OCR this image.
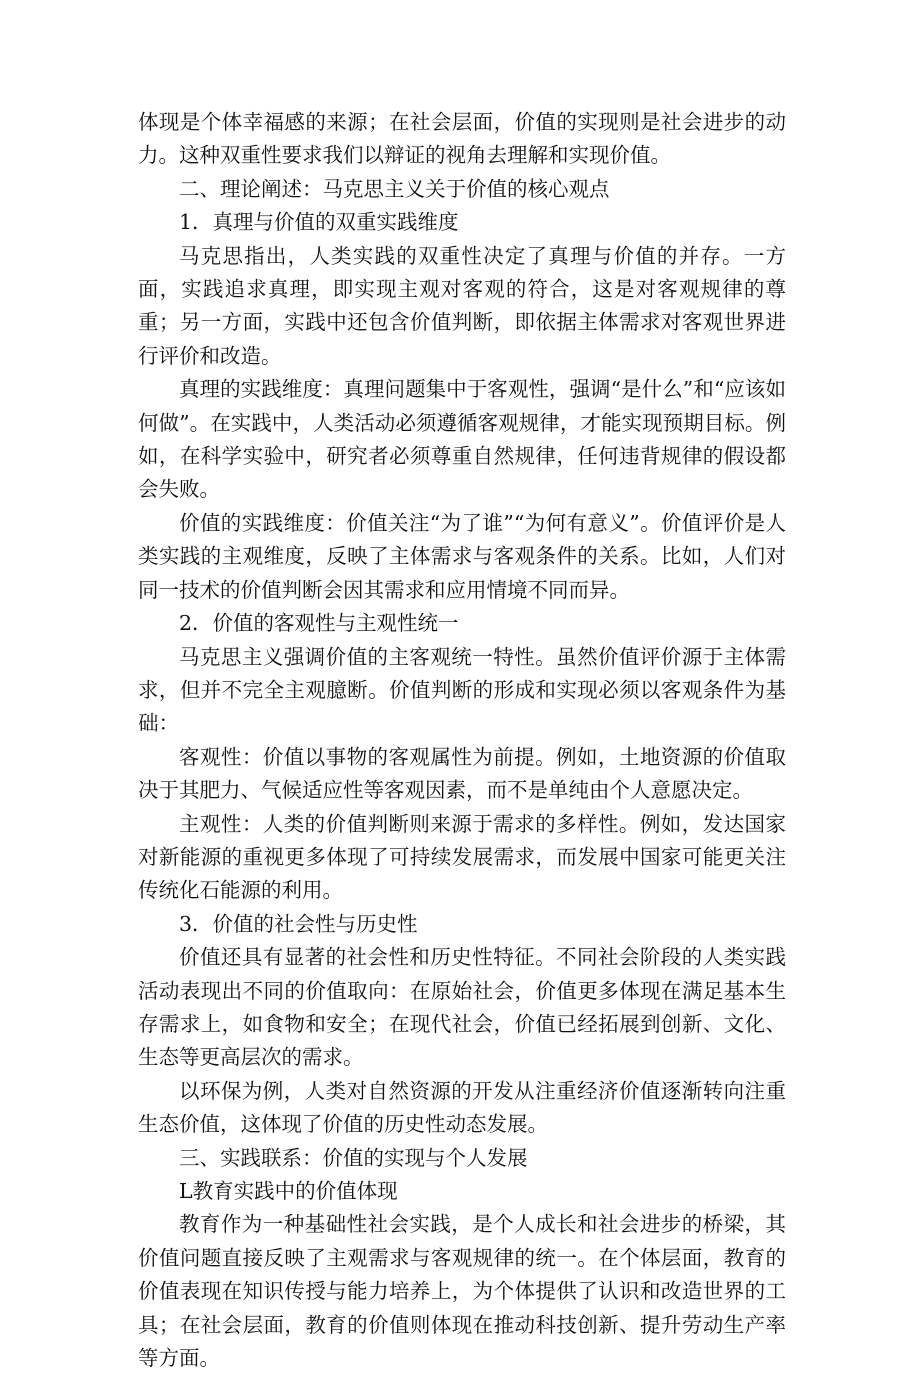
体现是个体幸福感的来源；在社会层面，价值的实现则是社会进步的动力。这种双重性要求我们以辩证的视角去理解和实现价值。

二、理论阐述：马克思主义关于价值的核心观点

1．真理与价值的双重实践维度

马克思指出，人类实践的双重性决定了真理与价值的并存。一方面，实践追求真理，即实现主观对客观的符合，这是对客观规律的尊重；另一方面，实践中还包含价值判断，即依据主体需求对客观世界进行评价和改造。

真理的实践维度：真理问题集中于客观性，强调“是什么”和“应该如何做”。在实践中，人类活动必须遵循客观规律，才能实现预期目标。例如，在科学实验中，研究者必须尊重自然规律，任何违背规律的假设都会失败。

价值的实践维度：价值关注“为了谁”“为何有意义”。价值评价是人类实践的主观维度，反映了主体需求与客观条件的关系。比如，人们对同一技术的价值判断会因其需求和应用情境不同而异。

2．价值的客观性与主观性统一

马克思主义强调价值的主客观统一特性。虽然价值评价源于主体需求，但并不完全主观臆断。价值判断的形成和实现必须以客观条件为基础：

客观性：价值以事物的客观属性为前提。例如，土地资源的价值取决于其肥力、气候适应性等客观因素，而不是单纯由个人意愿决定。

主观性：人类的价值判断则来源于需求的多样性。例如，发达国家对新能源的重视更多体现了可持续发展需求，而发展中国家可能更关注传统化石能源的利用。

3．价值的社会性与历史性

价值还具有显著的社会性和历史性特征。不同社会阶段的人类实践活动表现出不同的价值取向：在原始社会，价值更多体现在满足基本生存需求上，如食物和安全；在现代社会，价值已经拓展到创新、文化、生态等更高层次的需求。

以环保为例，人类对自然资源的开发从注重经济价值逐渐转向注重生态价值，这体现了价值的历史性动态发展。

三、实践联系：价值的实现与个人发展

L教育实践中的价值体现

教育作为一种基础性社会实践，是个人成长和社会进步的桥梁，其价值问题直接反映了主观需求与客观规律的统一。在个体层面，教育的价值表现在知识传授与能力培养上，为个体提供了认识和改造世界的工具；在社会层面，教育的价值则体现在推动科技创新、提升劳动生产率等方面。
